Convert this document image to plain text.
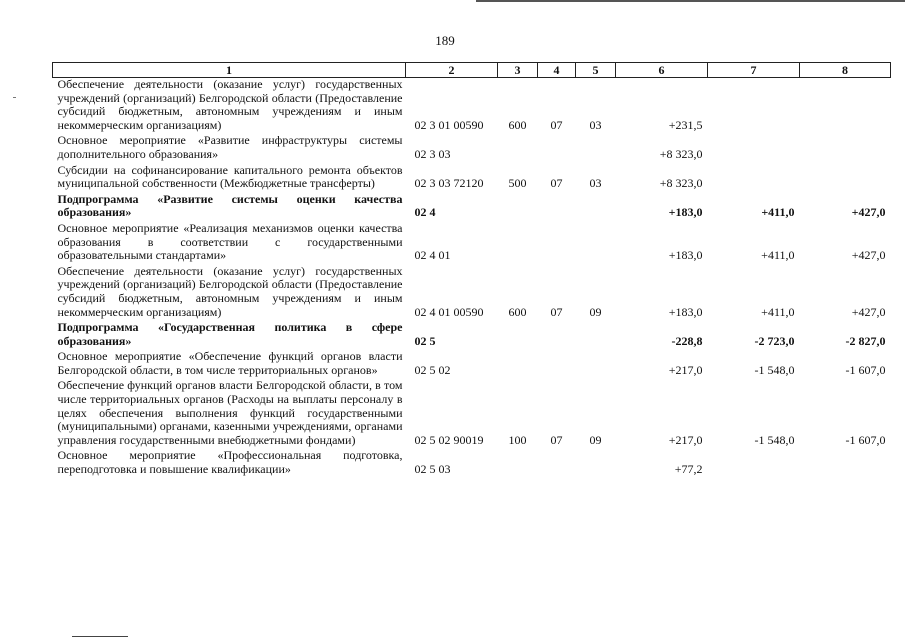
189
1	2	3	4	5	6	7	8
Обеспечение деятельности (оказание услуг) государственных учреждений (организаций) Белгородской области (Предоставление субсидий бюджетным, автономным учреждениям и иным некоммерческим организациям)	02 3 01 00590	600	07	03	+231,5		
Основное мероприятие «Развитие инфраструктуры системы дополнительного образования»	02 3 03				+8 323,0		
Субсидии на софинансирование капитального ремонта объектов муниципальной собственности (Межбюджетные трансферты)	02 3 03 72120	500	07	03	+8 323,0		
Подпрограмма «Развитие системы оценки качества образования»	02 4				+183,0	+411,0	+427,0
Основное мероприятие «Реализация механизмов оценки качества образования в соответствии с государственными образовательными стандартами»	02 4 01				+183,0	+411,0	+427,0
Обеспечение деятельности (оказание услуг) государственных учреждений (организаций) Белгородской области (Предоставление субсидий бюджетным, автономным учреждениям и иным некоммерческим организациям)	02 4 01 00590	600	07	09	+183,0	+411,0	+427,0
Подпрограмма «Государственная политика в сфере образования»	02 5				-228,8	-2 723,0	-2 827,0
Основное мероприятие «Обеспечение функций органов власти Белгородской области, в том числе территориальных органов»	02 5 02				+217,0	-1 548,0	-1 607,0
Обеспечение функций органов власти Белгородской области, в том числе территориальных органов (Расходы на выплаты персоналу в целях обеспечения выполнения функций государственными (муниципальными) органами, казенными учреждениями, органами управления государственными внебюджетными фондами)	02 5 02 90019	100	07	09	+217,0	-1 548,0	-1 607,0
Основное мероприятие «Профессиональная подготовка, переподготовка и повышение квалификации»	02 5 03				+77,2		
